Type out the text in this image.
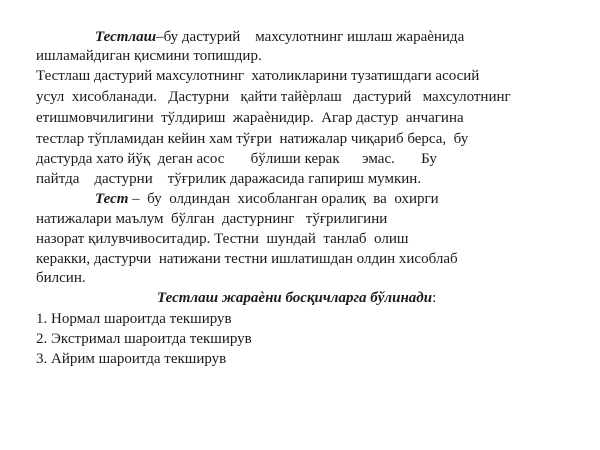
Тестлаш–бу дастурий    махсулотнинг ишлаш жараѐнида
ишламайдиган қисмини топишдир.
Тестлаш дастурий махсулотнинг  хатоликларини тузатишдаги асосий
усул  хисобланади.   Дастурни   қайти тайѐрлаш   дастурий   махсулотнинг
етишмовчилигини  тўлдириш  жараѐнидир.  Агар дастур  анчагина
тестлар тўпламидан кейин хам тўғри  натижалар чиқариб берса,  бу
дастурда хато йўқ  деган асос       бўлиши керак      эмас.       Бу
пайтда    дастурни    тўғрилик даражасида гапириш мумкин.
Тест –  бу  олдиндан  хисобланган оралиқ  ва  охирги
натижалари маълум  бўлган  дастурнинг   тўғрилигини
назорат қилувчивоситадир. Тестни  шундай  танлаб  олиш
керакки, дастурчи  натижани тестни ишлатишдан олдин хисоблаб
билсин.
Тестлаш жараѐни босқичларга бўлинади:
1. Нормал шароитда текширув
2. Экстримал шароитда текширув
3. Айрим шароитда текширув
